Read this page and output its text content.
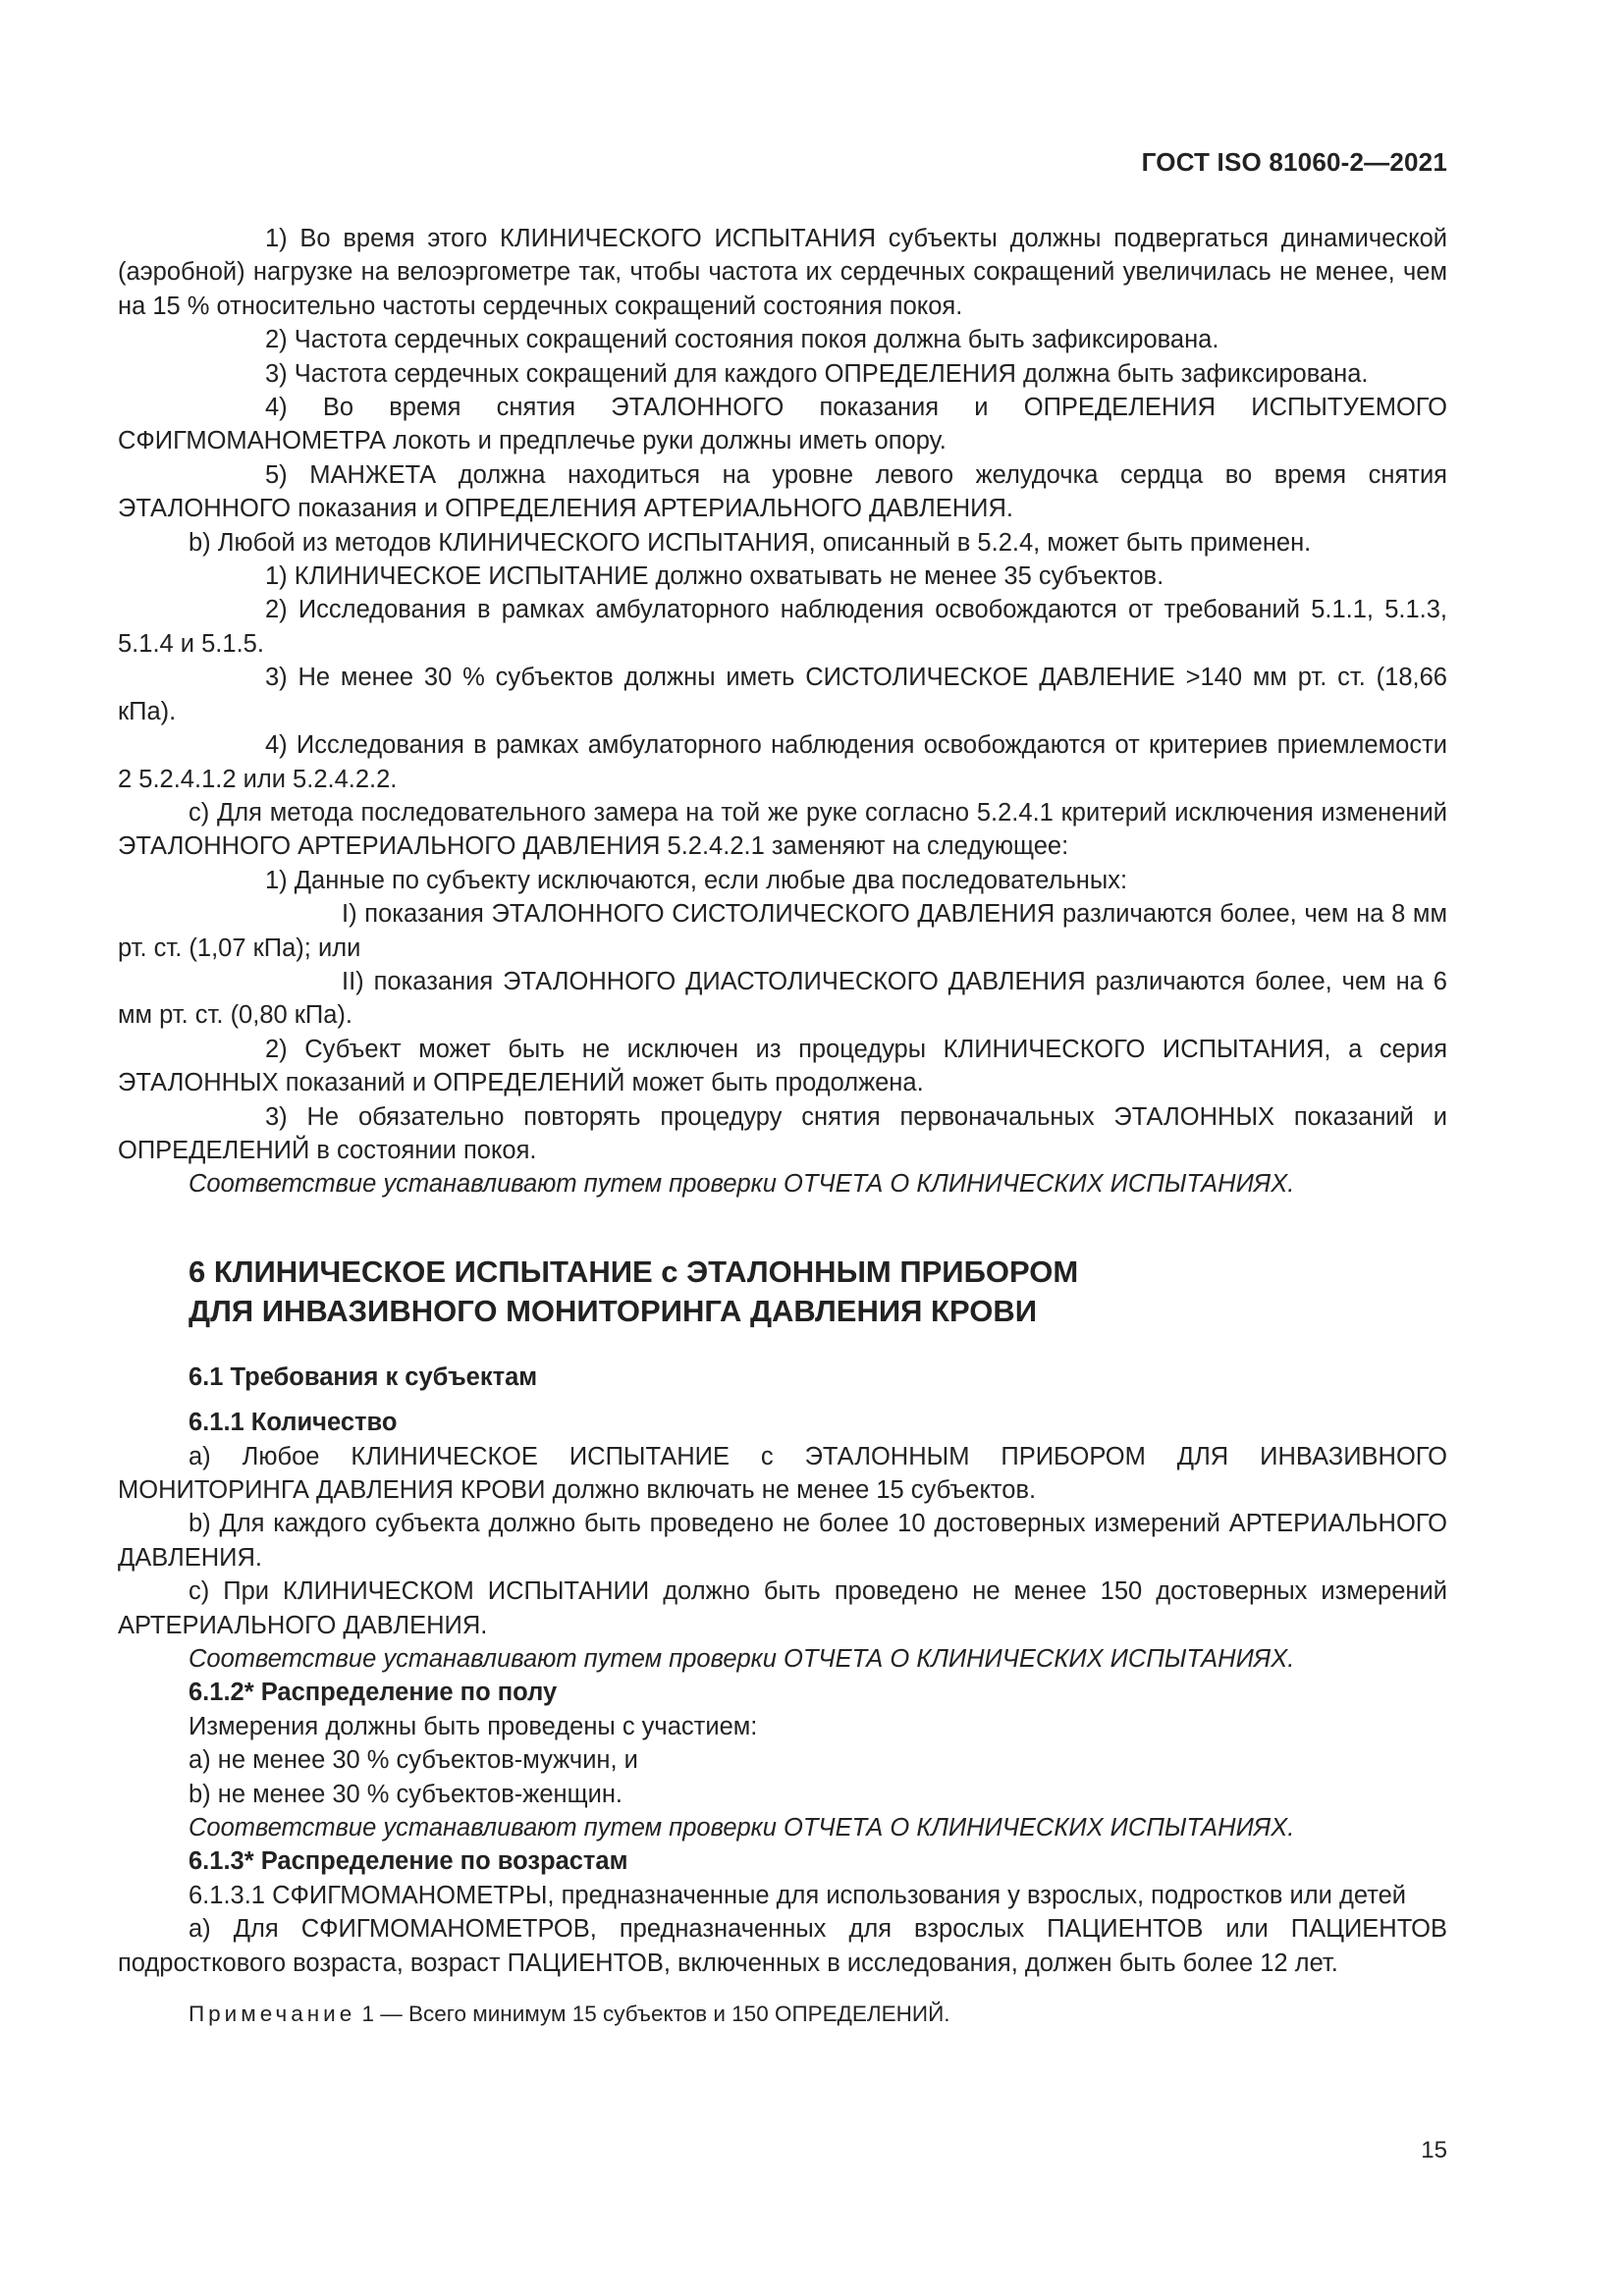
ГОСТ ISO 81060-2—2021

1) Во время этого КЛИНИЧЕСКОГО ИСПЫТАНИЯ субъекты должны подвергаться динамической (аэробной) нагрузке на велоэргометре так, чтобы частота их сердечных сокращений увеличилась не менее, чем на 15 % относительно частоты сердечных сокращений состояния покоя.

2) Частота сердечных сокращений состояния покоя должна быть зафиксирована.

3) Частота сердечных сокращений для каждого ОПРЕДЕЛЕНИЯ должна быть зафиксирована.

4) Во время снятия ЭТАЛОННОГО показания и ОПРЕДЕЛЕНИЯ ИСПЫТУЕМОГО СФИГМОМАНОМЕТРА локоть и предплечье руки должны иметь опору.

5) МАНЖЕТА должна находиться на уровне левого желудочка сердца во время снятия ЭТАЛОННОГО показания и ОПРЕДЕЛЕНИЯ АРТЕРИАЛЬНОГО ДАВЛЕНИЯ.

b) Любой из методов КЛИНИЧЕСКОГО ИСПЫТАНИЯ, описанный в 5.2.4, может быть применен.

1) КЛИНИЧЕСКОЕ ИСПЫТАНИЕ должно охватывать не менее 35 субъектов.

2) Исследования в рамках амбулаторного наблюдения освобождаются от требований 5.1.1, 5.1.3, 5.1.4 и 5.1.5.

3) Не менее 30 % субъектов должны иметь СИСТОЛИЧЕСКОЕ ДАВЛЕНИЕ >140 мм рт. ст. (18,66 кПа).

4) Исследования в рамках амбулаторного наблюдения освобождаются от критериев приемлемости 2 5.2.4.1.2 или 5.2.4.2.2.

c) Для метода последовательного замера на той же руке согласно 5.2.4.1 критерий исключения изменений ЭТАЛОННОГО АРТЕРИАЛЬНОГО ДАВЛЕНИЯ 5.2.4.2.1 заменяют на следующее:

1) Данные по субъекту исключаются, если любые два последовательных:

I) показания ЭТАЛОННОГО СИСТОЛИЧЕСКОГО ДАВЛЕНИЯ различаются более, чем на 8 мм рт. ст. (1,07 кПа); или

II) показания ЭТАЛОННОГО ДИАСТОЛИЧЕСКОГО ДАВЛЕНИЯ различаются более, чем на 6 мм рт. ст. (0,80 кПа).

2) Субъект может быть не исключен из процедуры КЛИНИЧЕСКОГО ИСПЫТАНИЯ, а серия ЭТАЛОННЫХ показаний и ОПРЕДЕЛЕНИЙ может быть продолжена.

3) Не обязательно повторять процедуру снятия первоначальных ЭТАЛОННЫХ показаний и ОПРЕДЕЛЕНИЙ в состоянии покоя.

Соответствие устанавливают путем проверки ОТЧЕТА О КЛИНИЧЕСКИХ ИСПЫТАНИЯХ.

6 КЛИНИЧЕСКОЕ ИСПЫТАНИЕ с ЭТАЛОННЫМ ПРИБОРОМ
ДЛЯ ИНВАЗИВНОГО МОНИТОРИНГА ДАВЛЕНИЯ КРОВИ

6.1 Требования к субъектам

6.1.1 Количество

a) Любое КЛИНИЧЕСКОЕ ИСПЫТАНИЕ с ЭТАЛОННЫМ ПРИБОРОМ ДЛЯ ИНВАЗИВНОГО МОНИТОРИНГА ДАВЛЕНИЯ КРОВИ должно включать не менее 15 субъектов.

b) Для каждого субъекта должно быть проведено не более 10 достоверных измерений АРТЕРИАЛЬНОГО ДАВЛЕНИЯ.

c) При КЛИНИЧЕСКОМ ИСПЫТАНИИ должно быть проведено не менее 150 достоверных измерений АРТЕРИАЛЬНОГО ДАВЛЕНИЯ.

Соответствие устанавливают путем проверки ОТЧЕТА О КЛИНИЧЕСКИХ ИСПЫТАНИЯХ.

6.1.2* Распределение по полу

Измерения должны быть проведены с участием:

a) не менее 30 % субъектов-мужчин, и

b) не менее 30 % субъектов-женщин.

Соответствие устанавливают путем проверки ОТЧЕТА О КЛИНИЧЕСКИХ ИСПЫТАНИЯХ.

6.1.3* Распределение по возрастам

6.1.3.1 СФИГМОМАНОМЕТРЫ, предназначенные для использования у взрослых, подростков или детей

a) Для СФИГМОМАНОМЕТРОВ, предназначенных для взрослых ПАЦИЕНТОВ или ПАЦИЕНТОВ подросткового возраста, возраст ПАЦИЕНТОВ, включенных в исследования, должен быть более 12 лет.

Примечание 1 — Всего минимум 15 субъектов и 150 ОПРЕДЕЛЕНИЙ.

15
